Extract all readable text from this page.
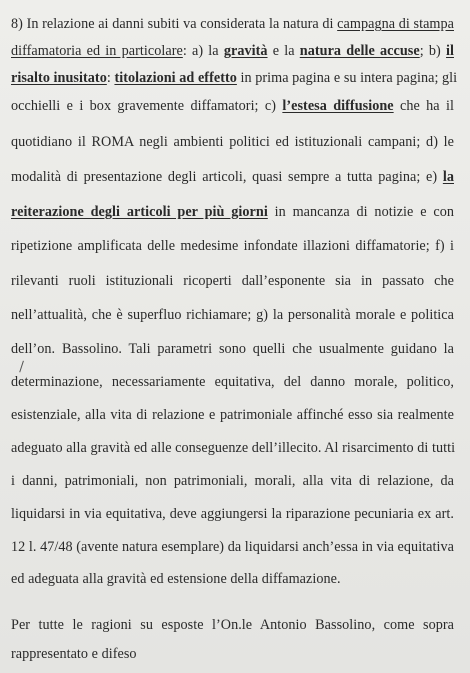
8) In relazione ai danni subiti va considerata la natura di campagna di stampa
diffamatoria ed in particolare: a) la gravità e la natura delle accuse; b) il
risalto inusitato: titolazioni ad effetto in prima pagina e su intera pagina; gli
occhielli e i box gravemente diffamatori; c) l’estesa diffusione che ha il
quotidiano il ROMA negli ambienti politici ed istituzionali campani; d) le
modalità di presentazione degli articoli, quasi sempre a tutta pagina; e) la
reiterazione degli articoli per più giorni in mancanza di notizie e con
ripetizione amplificata delle medesime infondate illazioni diffamatorie; f) i
rilevanti ruoli istituzionali ricoperti dall’esponente sia in passato che
nell’attualità, che è superfluo richiamare; g) la personalità morale e politica
dell’on. Bassolino. Tali parametri sono quelli che usualmente guidano la
determinazione, necessariamente equitativa, del danno morale, politico,
esistenziale, alla vita di relazione e patrimoniale affinché esso sia realmente
adeguato alla gravità ed alle conseguenze dell’illecito. Al risarcimento di tutti
i danni, patrimoniali, non patrimoniali, morali, alla vita di relazione, da
liquidarsi in via equitativa, deve aggiungersi la riparazione pecuniaria ex art.
12 l. 47/48 (avente natura esemplare) da liquidarsi anch’essa in via equitativa
ed adeguata alla gravità ed estensione della diffamazione.
Per tutte le ragioni su esposte l’On.le Antonio Bassolino, come sopra
rappresentato e difeso
